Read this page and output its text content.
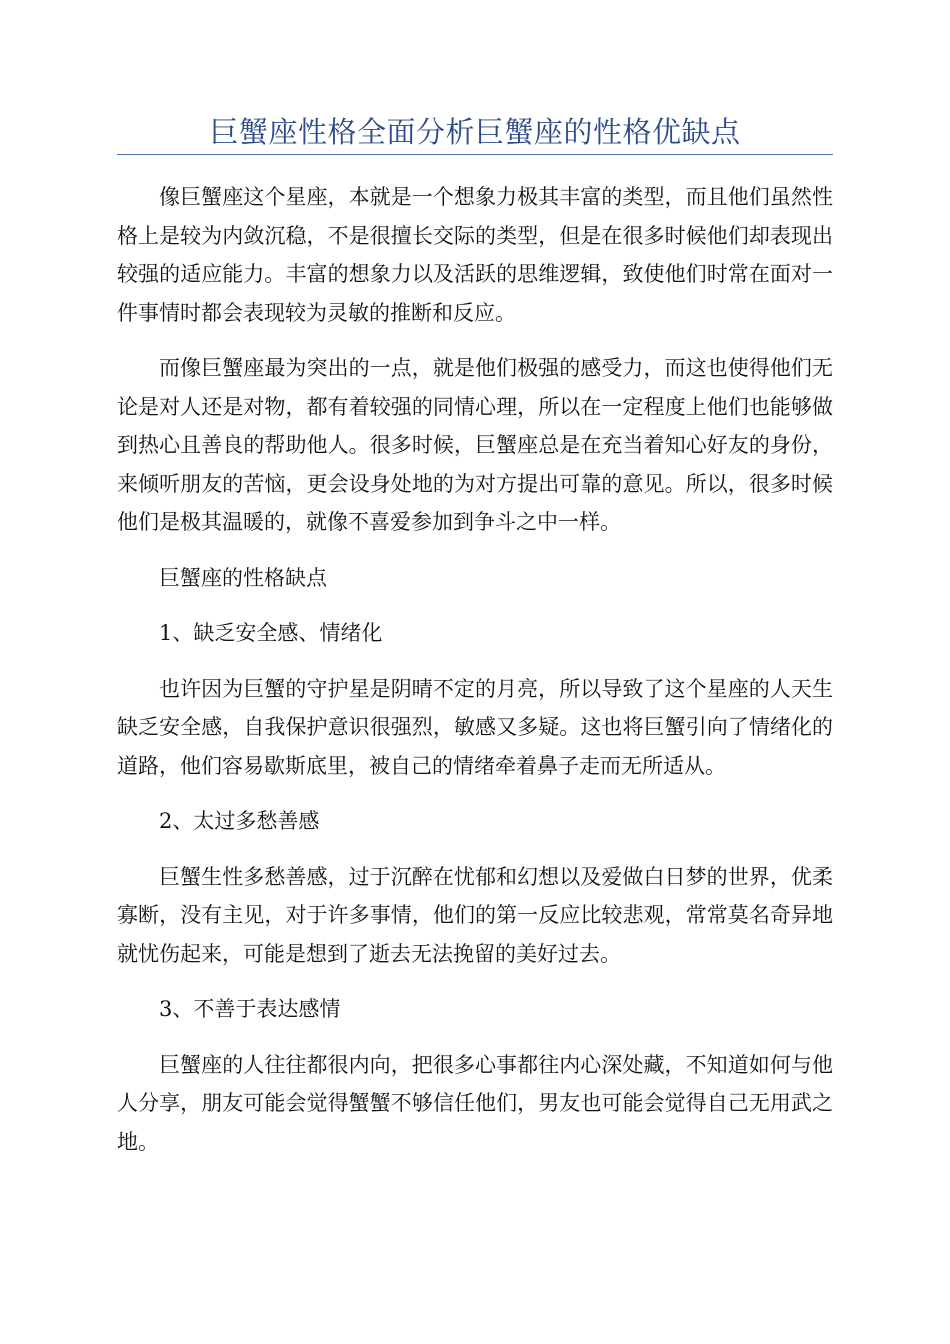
巨蟹座性格全面分析巨蟹座的性格优缺点

像巨蟹座这个星座，本就是一个想象力极其丰富的类型，而且他们虽然性格上是较为内敛沉稳，不是很擅长交际的类型，但是在很多时候他们却表现出较强的适应能力。丰富的想象力以及活跃的思维逻辑，致使他们时常在面对一件事情时都会表现较为灵敏的推断和反应。

而像巨蟹座最为突出的一点，就是他们极强的感受力，而这也使得他们无论是对人还是对物，都有着较强的同情心理，所以在一定程度上他们也能够做到热心且善良的帮助他人。很多时候，巨蟹座总是在充当着知心好友的身份，来倾听朋友的苦恼，更会设身处地的为对方提出可靠的意见。所以，很多时候他们是极其温暖的，就像不喜爱参加到争斗之中一样。

巨蟹座的性格缺点

1、缺乏安全感、情绪化

也许因为巨蟹的守护星是阴晴不定的月亮，所以导致了这个星座的人天生缺乏安全感，自我保护意识很强烈，敏感又多疑。这也将巨蟹引向了情绪化的道路，他们容易歇斯底里，被自己的情绪牵着鼻子走而无所适从。

2、太过多愁善感

巨蟹生性多愁善感，过于沉醉在忧郁和幻想以及爱做白日梦的世界，优柔寡断，没有主见，对于许多事情，他们的第一反应比较悲观，常常莫名奇异地就忧伤起来，可能是想到了逝去无法挽留的美好过去。

3、不善于表达感情

巨蟹座的人往往都很内向，把很多心事都往内心深处藏，不知道如何与他人分享，朋友可能会觉得蟹蟹不够信任他们，男友也可能会觉得自己无用武之地。
